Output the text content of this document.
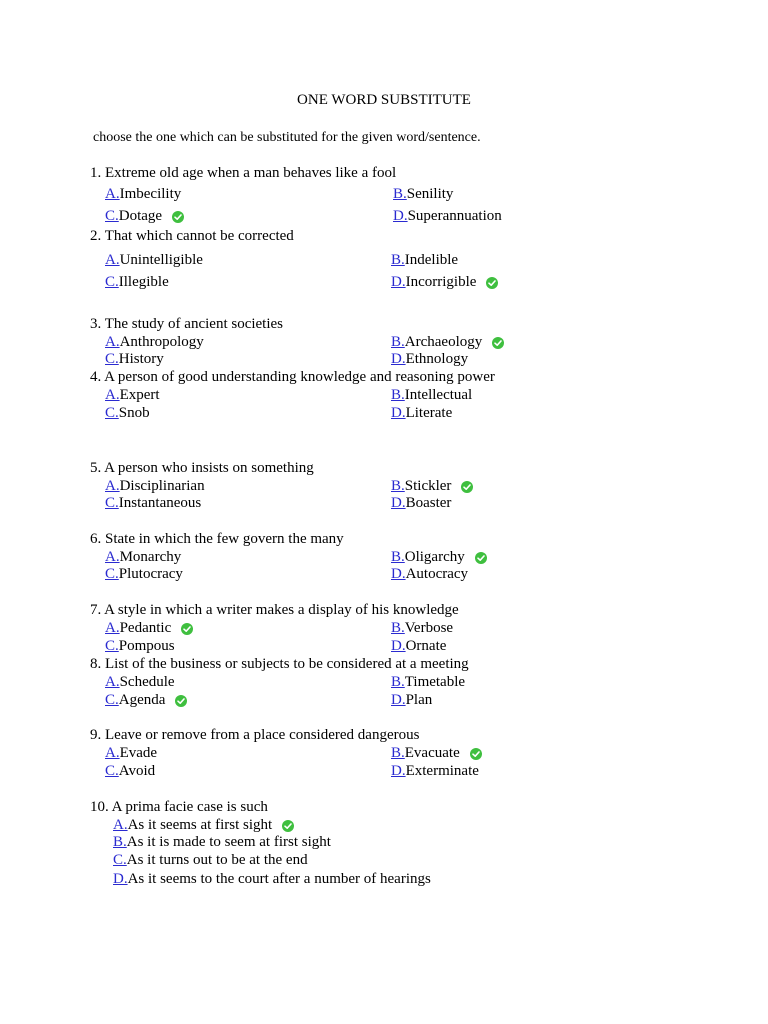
ONE WORD SUBSTITUTE
choose the one which can be substituted for the given word/sentence.
1. Extreme old age when a man behaves like a fool
A. Imbecility	B. Senility
C. Dotage	D. Superannuation
2. That which cannot be corrected
A. Unintelligible	B. Indelible
C. Illegible	D. Incorrigible
3. The study of ancient societies
A. Anthropology	B. Archaeology
C. History	D. Ethnology
4. A person of good understanding knowledge and reasoning power
A. Expert	B. Intellectual
C. Snob	D. Literate
5. A person who insists on something
A. Disciplinarian	B. Stickler
C. Instantaneous	D. Boaster
6. State in which the few govern the many
A. Monarchy	B. Oligarchy
C. Plutocracy	D. Autocracy
7. A style in which a writer makes a display of his knowledge
A. Pedantic	B. Verbose
C. Pompous	D. Ornate
8. List of the business or subjects to be considered at a meeting
A. Schedule	B. Timetable
C. Agenda	D. Plan
9. Leave or remove from a place considered dangerous
A. Evade	B. Evacuate
C. Avoid	D. Exterminate
10. A prima facie case is such
A. As it seems at first sight
B. As it is made to seem at first sight
C. As it turns out to be at the end
D. As it seems to the court after a number of hearings
